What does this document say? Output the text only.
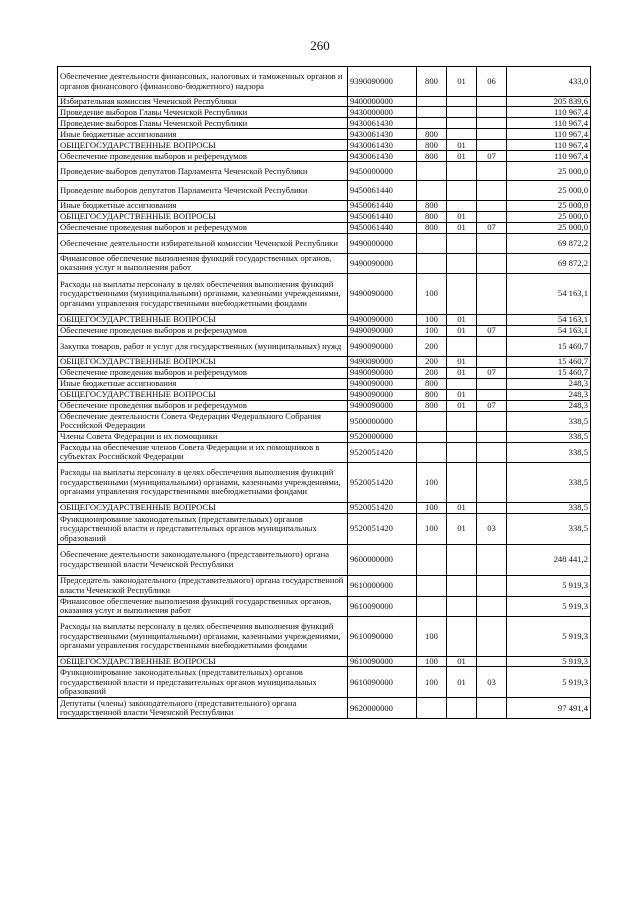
260
Обеспечение деятельности финансовых, налоговых и таможенных органов и органов финансового (финансово-бюджетного) надзора	9390090000	800	01	06	433,0
Избирательная комиссия Чеченской Республики	9400000000				205 839,6
Проведение выборов Главы Чеченской Республики	9430000000				110 967,4
Проведение выборов Главы Чеченской Республики	9430061430				110 967,4
Иные бюджетные ассигнования	9430061430	800			110 967,4
ОБЩЕГОСУДАРСТВЕННЫЕ ВОПРОСЫ	9430061430	800	01		110 967,4
Обеспечение проведения выборов и референдумов	9430061430	800	01	07	110 967,4
Проведение выборов депутатов Парламента Чеченской Республики	9450000000				25 000,0
Проведение выборов депутатов Парламента Чеченской Республики	9450061440				25 000,0
Иные бюджетные ассигнования	9450061440	800			25 000,0
ОБЩЕГОСУДАРСТВЕННЫЕ ВОПРОСЫ	9450061440	800	01		25 000,0
Обеспечение проведения выборов и референдумов	9450061440	800	01	07	25 000,0
Обеспечение деятельности избирательной комиссии Чеченской Республики	9490000000				69 872,2
Финансовое обеспечение выполнения функций государственных органов, оказания услуг и выполнения работ	9490090000				69 872,2
Расходы на выплаты персоналу в целях обеспечения выполнения функций государственными (муниципальными) органами, казенными учреждениями, органами управления государственными внебюджетными фондами	9490090000	100			54 163,1
ОБЩЕГОСУДАРСТВЕННЫЕ ВОПРОСЫ	9490090000	100	01		54 163,1
Обеспечение проведения выборов и референдумов	9490090000	100	01	07	54 163,1
Закупка товаров, работ и услуг для государственных (муниципальных) нужд	9490090000	200			15 460,7
ОБЩЕГОСУДАРСТВЕННЫЕ ВОПРОСЫ	9490090000	200	01		15 460,7
Обеспечение проведения выборов и референдумов	9490090000	200	01	07	15 460,7
Иные бюджетные ассигнования	9490090000	800			248,3
ОБЩЕГОСУДАРСТВЕННЫЕ ВОПРОСЫ	9490090000	800	01		248,3
Обеспечение проведения выборов и референдумов	9490090000	800	01	07	248,3
Обеспечение деятельности Совета Федерации Федерального Собрания Российской Федерации	9500000000				338,5
Члены Совета Федерации и их помощники	9520000000				338,5
Расходы на обеспечение членов Совета Федерации и их помощников в субъектах Российской Федерации	9520051420				338,5
Расходы на выплаты персоналу в целях обеспечения выполнения функций государственными (муниципальными) органами, казенными учреждениями, органами управления государственными внебюджетными фондами	9520051420	100			338,5
ОБЩЕГОСУДАРСТВЕННЫЕ ВОПРОСЫ	9520051420	100	01		338,5
Функционирование законодательных (представительных) органов государственной власти и представительных органов муниципальных образований	9520051420	100	01	03	338,5
Обеспечение деятельности законодательного (представительного) органа государственной власти Чеченской Республики	9600000000				248 441,2
Председатель законодательного (представительного) органа государственной власти Чеченской Республики	9610000000				5 919,3
Финансовое обеспечение выполнения функций государственных органов, оказания услуг и выполнения работ	9610090000				5 919,3
Расходы на выплаты персоналу в целях обеспечения выполнения функций государственными (муниципальными) органами, казенными учреждениями, органами управления государственными внебюджетными фондами	9610090000	100			5 919,3
ОБЩЕГОСУДАРСТВЕННЫЕ ВОПРОСЫ	9610090000	100	01		5 919,3
Функционирование законодательных (представительных) органов государственной власти и представительных органов муниципальных образований	9610090000	100	01	03	5 919,3
Депутаты (члены) законодательного (представительного) органа государственной власти Чеченской Республики	9620000000				97 491,4
